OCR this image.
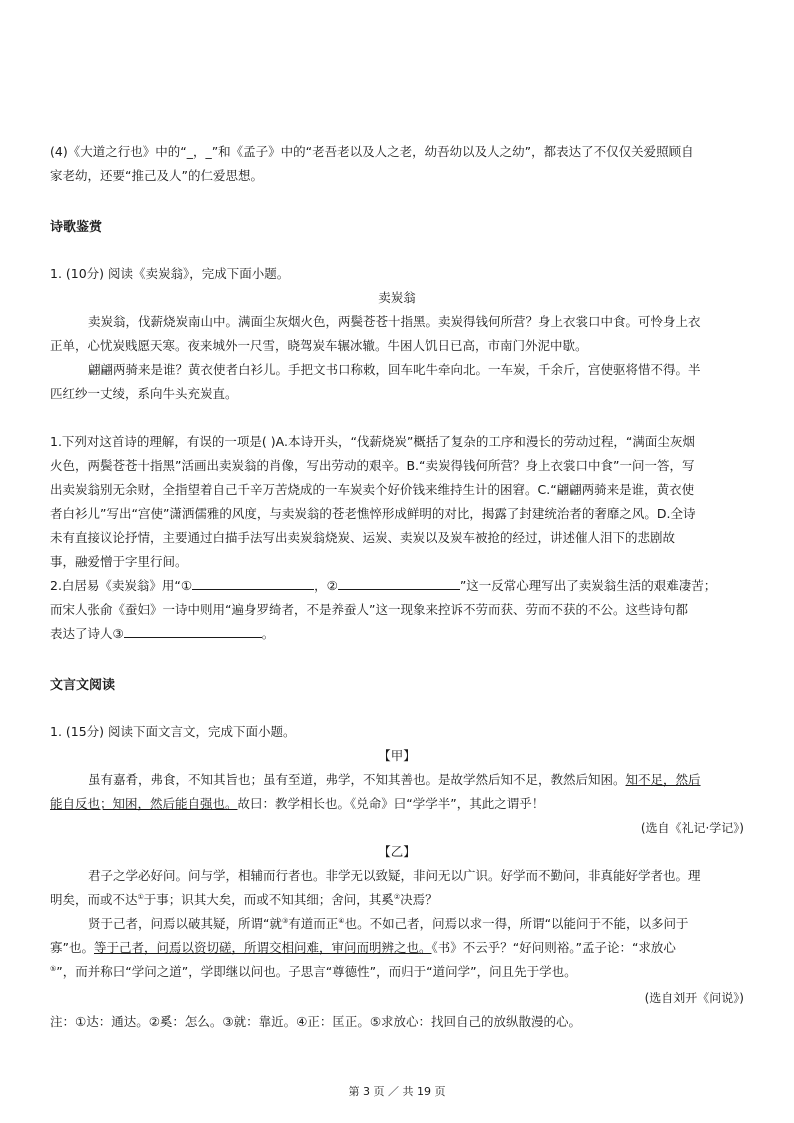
(4)《大道之行也》中的“_，_”和《孟子》中的“老吾老以及人之老，幼吾幼以及人之幼”，都表达了不仅仅关爱照顾自
家老幼，还要“推己及人”的仁爱思想。
诗歌鉴赏
1. (10分) 阅读《卖炭翁》，完成下面小题。
卖炭翁
卖炭翁，伐薪烧炭南山中。满面尘灰烟火色，两鬓苍苍十指黑。卖炭得钱何所营？身上衣裳口中食。可怜身上衣
正单，心忧炭贱愿天寒。夜来城外一尺雪，晓驾炭车辗冰辙。牛困人饥日已高，市南门外泥中歇。
翩翩两骑来是谁？黄衣使者白衫儿。手把文书口称敕，回车叱牛牵向北。一车炭，千余斤，宫使驱将惜不得。半
匹红纱一丈绫，系向牛头充炭直。
1.下列对这首诗的理解，有误的一项是( )A.本诗开头，“伐薪烧炭”概括了复杂的工序和漫长的劳动过程，“满面尘灰烟
火色，两鬓苍苍十指黑”活画出卖炭翁的肖像，写出劳动的艰辛。B.“卖炭得钱何所营？身上衣裳口中食”一问一答，写
出卖炭翁别无余财，全指望着自己千辛万苦烧成的一车炭卖个好价钱来维持生计的困窘。C.“翩翩两骑来是谁，黄衣使
者白衫儿”写出“宫使”潇洒儒雅的风度，与卖炭翁的苍老憔悴形成鲜明的对比，揭露了封建统治者的奢靡之风。D.全诗
未有直接议论抒情，主要通过白描手法写出卖炭翁烧炭、运炭、卖炭以及炭车被抢的经过，讲述催人泪下的悲剧故
事，融爱憎于字里行间。
2.白居易《卖炭翁》用“①	，②	”这一反常心理写出了卖炭翁生活的艰难凄苦；
而宋人张俞《蚕妇》一诗中则用“遍身罗绮者，不是养蚕人”这一现象来控诉不劳而获、劳而不获的不公。这些诗句都
表达了诗人③	。
文言文阅读
1. (15分) 阅读下面文言文，完成下面小题。
【甲】
虽有嘉肴，弗食，不知其旨也；虽有至道，弗学，不知其善也。是故学然后知不足，教然后知困。知不足，然后
能自反也；知困，然后能自强也。故曰：教学相长也。《兑命》曰“学学半”，其此之谓乎！
(选自《礼记·学记》)
【乙】
君子之学必好问。问与学，相辅而行者也。非学无以致疑，非问无以广识。好学而不勤问，非真能好学者也。理
明矣，而或不达①于事；识其大矣，而或不知其细；舍问，其奚②决焉？
贤于己者，问焉以破其疑，所谓“就③有道而正④也。不如己者，问焉以求一得，所谓“以能问于不能，以多问于
寡”也。等于己者，问焉以资切磋，所谓交相问难，审问而明辨之也。《书》不云乎？“好问则裕。”孟子论：“求放心
⑤”，而并称曰“学问之道”，学即继以问也。子思言“尊德性”，而归于“道问学”，问且先于学也。
(选自刘开《问说》)
注：①达：通达。②奚：怎么。③就：靠近。④正：匡正。⑤求放心：找回自己的放纵散漫的心。
第 3 页 ／ 共 19 页
